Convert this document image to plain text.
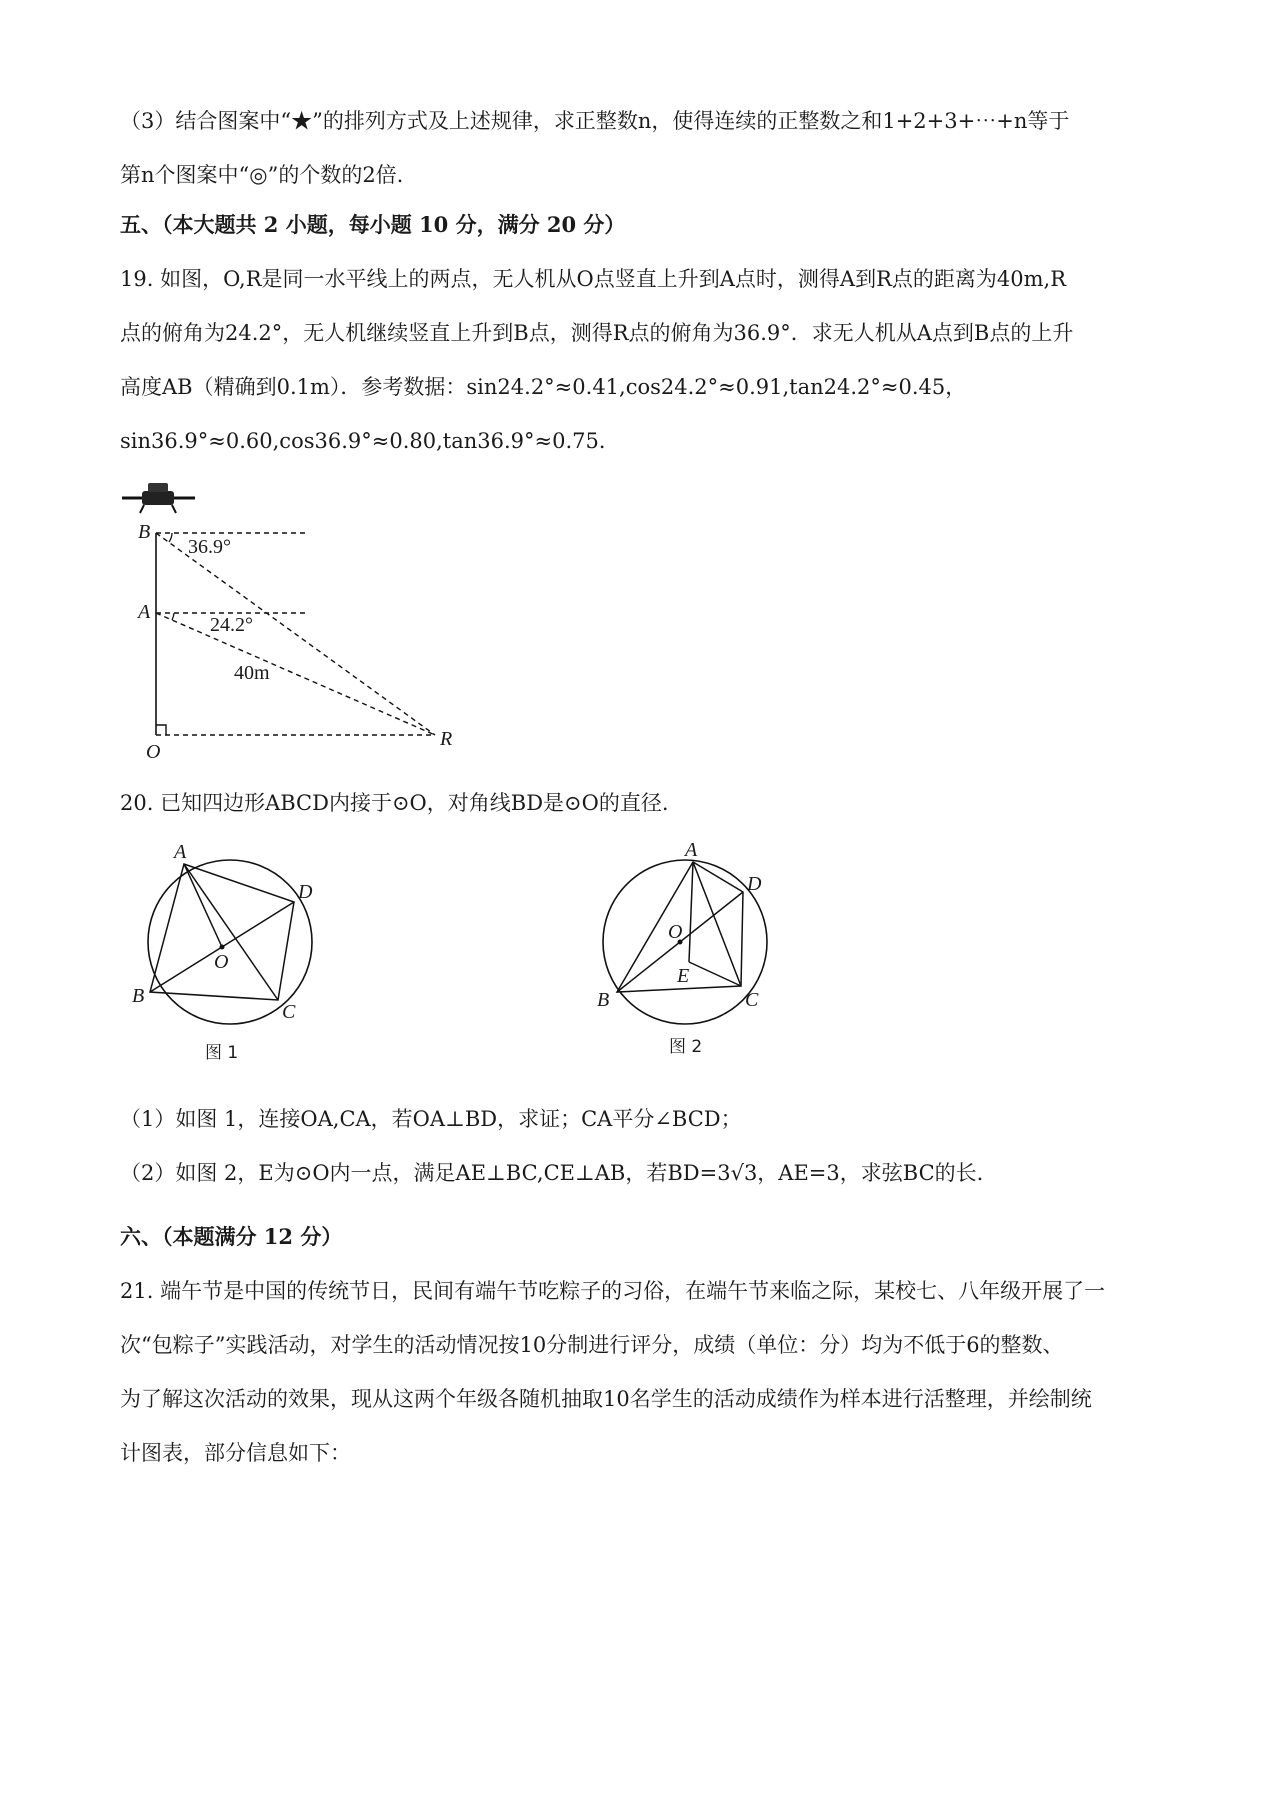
（3）结合图案中“★”的排列方式及上述规律，求正整数n，使得连续的正整数之和1+2+3+⋯+n等于
第n个图案中“◎”的个数的2倍.
五、（本大题共 2 小题，每小题 10 分，满分 20 分）
19. 如图，O,R是同一水平线上的两点，无人机从O点竖直上升到A点时，测得A到R点的距离为40m,R
点的俯角为24.2°，无人机继续竖直上升到B点，测得R点的俯角为36.9°．求无人机从A点到B点的上升
高度AB（精确到0.1m）．参考数据：sin24.2°≈0.41,cos24.2°≈0.91,tan24.2°≈0.45，
sin36.9°≈0.60,cos36.9°≈0.80,tan36.9°≈0.75．
B
A
O
R
36.9°
24.2°
40m
20. 已知四边形ABCD内接于⊙O，对角线BD是⊙O的直径.
A
B
C
D
O
图 1
A
B	C
D
O
E
图 2
（1）如图 1，连接OA,CA，若OA⊥BD，求证；CA平分∠BCD；
（2）如图 2，E为⊙O内一点，满足AE⊥BC,CE⊥AB，若BD=3√3，AE=3，求弦BC的长.
六、（本题满分 12 分）
21. 端午节是中国的传统节日，民间有端午节吃粽子的习俗，在端午节来临之际，某校七、八年级开展了一
次“包粽子”实践活动，对学生的活动情况按10分制进行评分，成绩（单位：分）均为不低于6的整数、
为了解这次活动的效果，现从这两个年级各随机抽取10名学生的活动成绩作为样本进行活整理，并绘制统
计图表，部分信息如下：
